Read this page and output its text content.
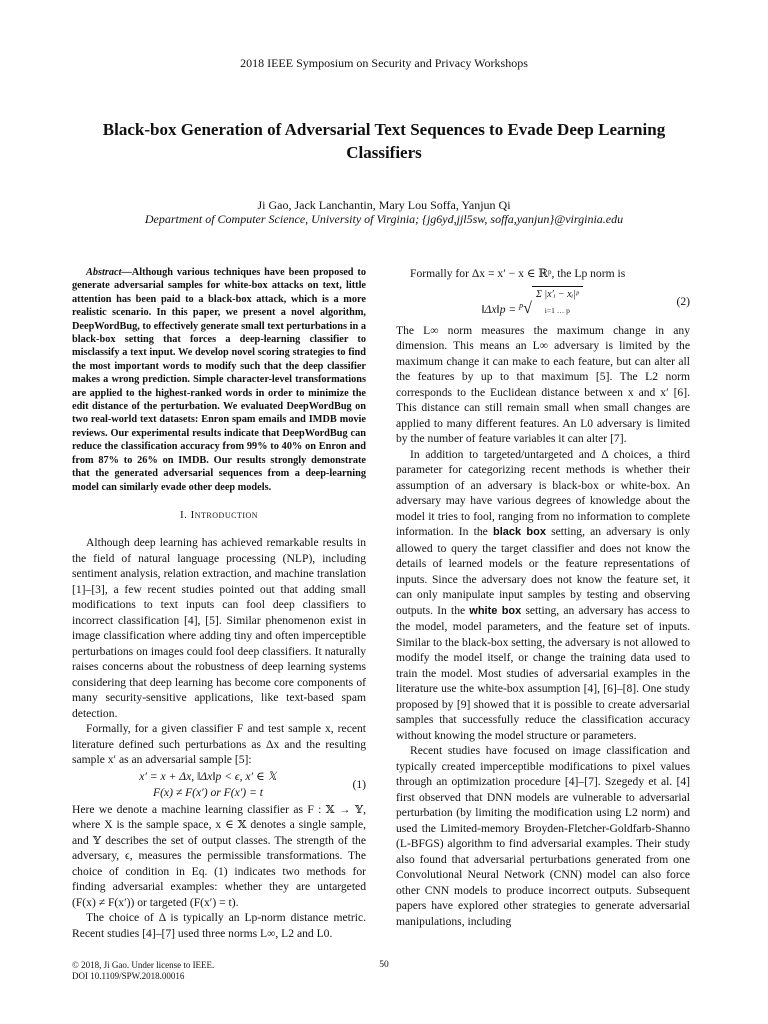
2018 IEEE Symposium on Security and Privacy Workshops
Black-box Generation of Adversarial Text Sequences to Evade Deep Learning Classifiers
Ji Gao, Jack Lanchantin, Mary Lou Soffa, Yanjun Qi
Department of Computer Science, University of Virginia; {jg6yd,jjl5sw, soffa,yanjun}@virginia.edu

Abstract—Although various techniques have been proposed to generate adversarial samples for white-box attacks on text, little attention has been paid to a black-box attack, which is a more realistic scenario. In this paper, we present a novel algorithm, DeepWordBug, to effectively generate small text perturbations in a black-box setting that forces a deep-learning classifier to misclassify a text input. We develop novel scoring strategies to find the most important words to modify such that the deep classifier makes a wrong prediction. Simple character-level transformations are applied to the highest-ranked words in order to minimize the edit distance of the perturbation. We evaluated DeepWordBug on two real-world text datasets: Enron spam emails and IMDB movie reviews. Our experimental results indicate that DeepWordBug can reduce the classification accuracy from 99% to 40% on Enron and from 87% to 26% on IMDB. Our results strongly demonstrate that the generated adversarial sequences from a deep-learning model can similarly evade other deep models.

I. Introduction

Although deep learning has achieved remarkable results in the field of natural language processing (NLP), including sentiment analysis, relation extraction, and machine translation [1]–[3], a few recent studies pointed out that adding small modifications to text inputs can fool deep classifiers to incorrect classification [4], [5]. Similar phenomenon exist in image classification where adding tiny and often imperceptible perturbations on images could fool deep classifiers. It naturally raises concerns about the robustness of deep learning systems considering that deep learning has become core components of many security-sensitive applications, like text-based spam detection.

Formally, for a given classifier F and test sample x, recent literature defined such perturbations as Δx and the resulting sample x′ as an adversarial sample [5]:

x′ = x + Δx, ‖Δx‖p < ϵ, x′ ∈ 𝕏
F(x) ≠ F(x′) or F(x′) = t
(1)

Here we denote a machine learning classifier as F : 𝕏 → 𝕐, where X is the sample space, x ∈ 𝕏 denotes a single sample, and 𝕐 describes the set of output classes. The strength of the adversary, ϵ, measures the permissible transformations. The choice of condition in Eq. (1) indicates two methods for finding adversarial examples: whether they are untargeted (F(x) ≠ F(x′)) or targeted (F(x′) = t).

The choice of Δ is typically an Lp-norm distance metric. Recent studies [4]–[7] used three norms L∞, L2 and L0.

Formally for Δx = x′ − x ∈ ℝᵖ, the Lp norm is

‖Δx‖p = $^p$√Σ |x′ᵢ − xᵢ|ᵖ
i=1 … p
(2)

The L∞ norm measures the maximum change in any dimension. This means an L∞ adversary is limited by the maximum change it can make to each feature, but can alter all the features by up to that maximum [5]. The L2 norm corresponds to the Euclidean distance between x and x′ [6]. This distance can still remain small when small changes are applied to many different features. An L0 adversary is limited by the number of feature variables it can alter [7].

In addition to targeted/untargeted and Δ choices, a third parameter for categorizing recent methods is whether their assumption of an adversary is black-box or white-box. An adversary may have various degrees of knowledge about the model it tries to fool, ranging from no information to complete information. In the black box setting, an adversary is only allowed to query the target classifier and does not know the details of learned models or the feature representations of inputs. Since the adversary does not know the feature set, it can only manipulate input samples by testing and observing outputs. In the white box setting, an adversary has access to the model, model parameters, and the feature set of inputs. Similar to the black-box setting, the adversary is not allowed to modify the model itself, or change the training data used to train the model. Most studies of adversarial examples in the literature use the white-box assumption [4], [6]–[8]. One study proposed by [9] showed that it is possible to create adversarial samples that successfully reduce the classification accuracy without knowing the model structure or parameters.

Recent studies have focused on image classification and typically created imperceptible modifications to pixel values through an optimization procedure [4]–[7]. Szegedy et al. [4] first observed that DNN models are vulnerable to adversarial perturbation (by limiting the modification using L2 norm) and used the Limited-memory Broyden-Fletcher-Goldfarb-Shanno (L-BFGS) algorithm to find adversarial examples. Their study also found that adversarial perturbations generated from one Convolutional Neural Network (CNN) model can also force other CNN models to produce incorrect outputs. Subsequent papers have explored other strategies to generate adversarial manipulations, including

© 2018, Ji Gao. Under license to IEEE.
DOI 10.1109/SPW.2018.00016
50
